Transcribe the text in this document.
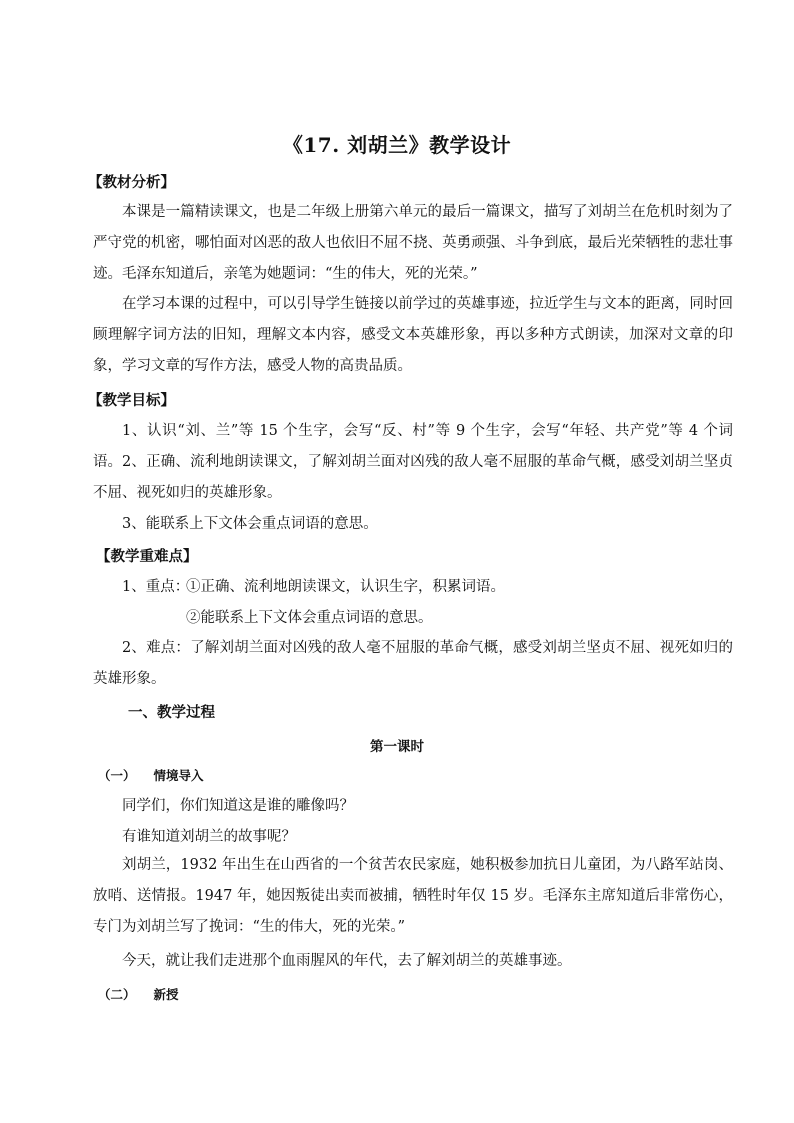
《17. 刘胡兰》教学设计
【教材分析】
本课是一篇精读课文，也是二年级上册第六单元的最后一篇课文，描写了刘胡兰在危机时刻为了严守党的机密，哪怕面对凶恶的敌人也依旧不屈不挠、英勇顽强、斗争到底，最后光荣牺牲的悲壮事迹。毛泽东知道后，亲笔为她题词：“生的伟大，死的光荣。”
在学习本课的过程中，可以引导学生链接以前学过的英雄事迹，拉近学生与文本的距离，同时回顾理解字词方法的旧知，理解文本内容，感受文本英雄形象，再以多种方式朗读，加深对文章的印象，学习文章的写作方法，感受人物的高贵品质。
【教学目标】
1、认识“刘、兰”等 15 个生字，会写“反、村”等 9 个生字，会写“年轻、共产党”等 4 个词语。 2、正确、流利地朗读课文，了解刘胡兰面对凶残的敌人毫不屈服的革命气概，感受刘胡兰坚贞不屈、视死如归的英雄形象。
3、能联系上下文体会重点词语的意思。
【教学重难点】
1、重点：
①正确、流利地朗读课文，认识生字，积累词语。
②能联系上下文体会重点词语的意思。
2、难点：了解刘胡兰面对凶残的敌人毫不屈服的革命气概，感受刘胡兰坚贞不屈、视死如归的英雄形象。
一、教学过程
第一课时
（一） 情境导入
同学们，你们知道这是谁的雕像吗？
有谁知道刘胡兰的故事呢？
刘胡兰，1932 年出生在山西省的一个贫苦农民家庭，她积极参加抗日儿童团，为八路军站岗、放哨、送情报。1947 年，她因叛徒出卖而被捕，牺牲时年仅 15 岁。毛泽东主席知道后非常伤心，专门为刘胡兰写了挽词：“生的伟大，死的光荣。”
今天，就让我们走进那个血雨腥风的年代，去了解刘胡兰的英雄事迹。
（二） 新授
